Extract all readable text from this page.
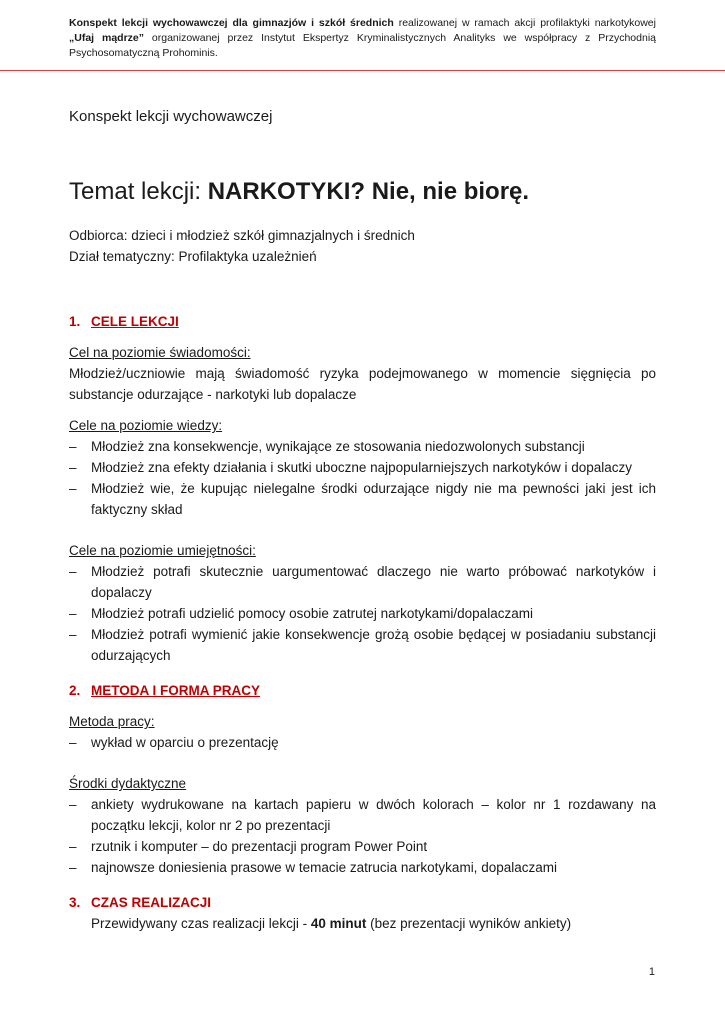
Konspekt lekcji wychowawczej dla gimnazjów i szkół średnich realizowanej w ramach akcji profilaktyki narkotykowej „Ufaj mądrze” organizowanej przez Instytut Ekspertyz Kryminalistycznych Analityks we współpracy z Przychodnią Psychosomatyczną Prohominis.

Konspekt lekcji wychowawczej

Temat lekcji: NARKOTYKI? Nie, nie biorę.

Odbiorca: dzieci i młodzież szkół gimnazjalnych i średnich

Dział tematyczny: Profilaktyka uzależnień

1. CELE LEKCJI

Cel na poziomie świadomości:

Młodzież/uczniowie mają świadomość ryzyka podejmowanego w momencie sięgnięcia po substancje odurzające - narkotyki lub dopalacze

Cele na poziomie wiedzy:

– Młodzież zna konsekwencje, wynikające ze stosowania niedozwolonych substancji
– Młodzież zna efekty działania i skutki uboczne najpopularniejszych narkotyków i dopalaczy
– Młodzież wie, że kupując nielegalne środki odurzające nigdy nie ma pewności jaki jest ich faktyczny skład

Cele na poziomie umiejętności:

– Młodzież potrafi skutecznie uargumentować dlaczego nie warto próbować narkotyków i dopalaczy
– Młodzież potrafi udzielić pomocy osobie zatrutej narkotykami/dopalaczami
– Młodzież potrafi wymienić jakie konsekwencje grożą osobie będącej w posiadaniu substancji odurzających
2. METODA I FORMA PRACY

Metoda pracy:

– wykład w oparciu o prezentację

Środki dydaktyczne

– ankiety wydrukowane na kartach papieru w dwóch kolorach – kolor nr 1 rozdawany na początku lekcji, kolor nr 2 po prezentacji
– rzutnik i komputer – do prezentacji program Power Point
– najnowsze doniesienia prasowe w temacie zatrucia narkotykami, dopalaczami
3. CZAS REALIZACJI

Przewidywany czas realizacji lekcji - 40 minut (bez prezentacji wyników ankiety)

1
